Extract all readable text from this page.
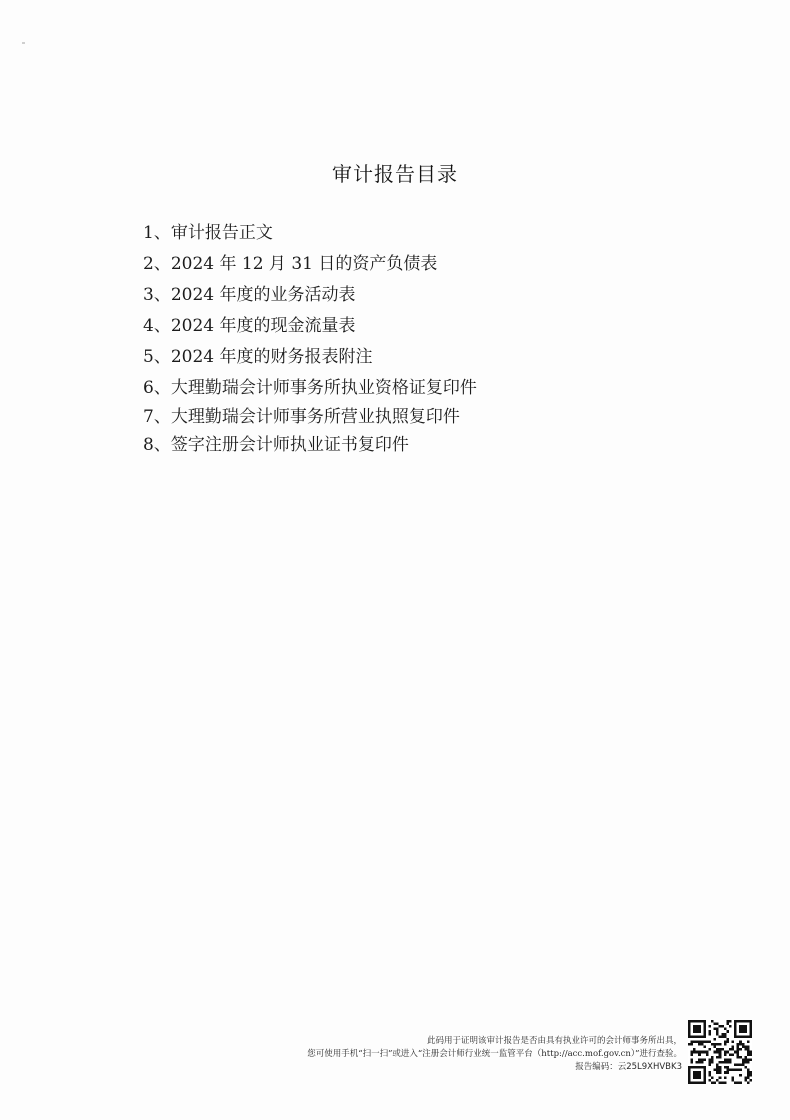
审计报告目录
1、审计报告正文
2、2024 年 12 月 31 日的资产负债表
3、2024 年度的业务活动表
4、2024 年度的现金流量表
5、2024 年度的财务报表附注
6、大理勤瑞会计师事务所执业资格证复印件
7、大理勤瑞会计师事务所营业执照复印件
8、签字注册会计师执业证书复印件
此码用于证明该审计报告是否由具有执业许可的会计师事务所出具，
您可使用手机“扫一扫”或进入“注册会计师行业统一监管平台（http://acc.mof.gov.cn）”进行查验。
报告编码：云25L9XHVBK3
